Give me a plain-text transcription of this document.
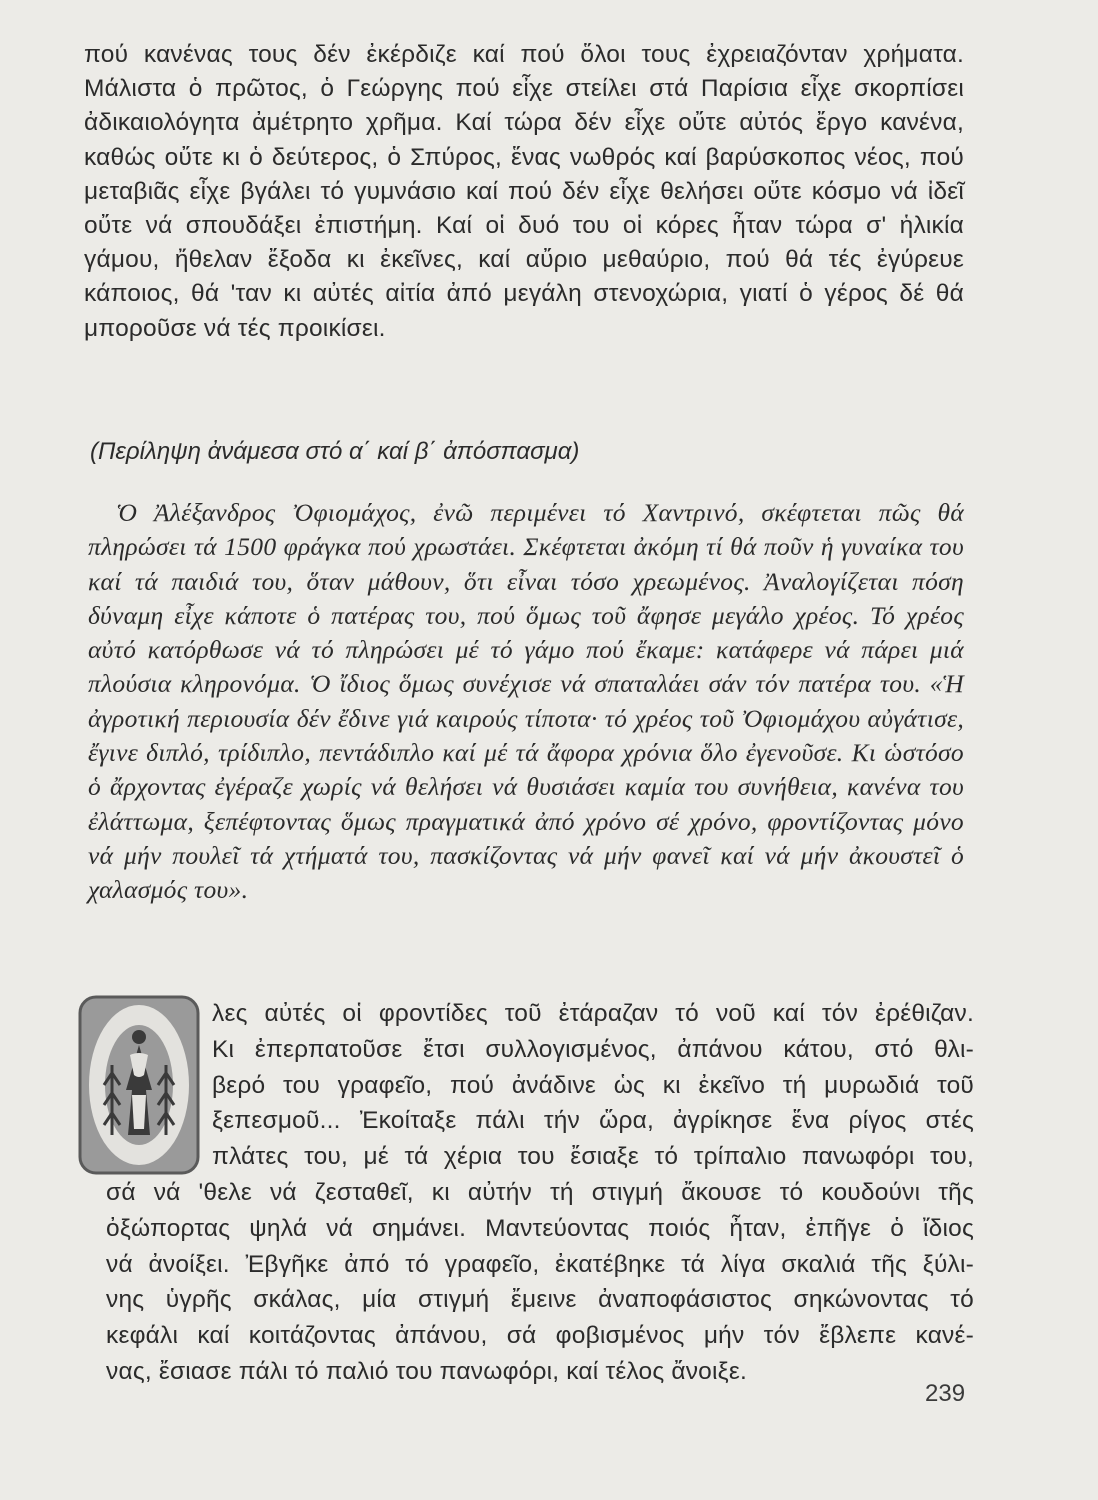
πού κανένας τους δέν ἐκέρδιζε καί πού ὅλοι τους ἐχρειαζόνταν χρήματα. Μάλιστα ὁ πρῶτος, ὁ Γεώργης πού εἶχε στείλει στά Παρίσια εἶχε σκορπίσει ἀδικαιολόγητα ἀμέτρητο χρῆμα. Καί τώρα δέν εἶχε οὔτε αὐτός ἔργο κανένα, καθώς οὔτε κι ὁ δεύτερος, ὁ Σπύρος, ἕνας νωθρός καί βαρύσκοπος νέος, πού μεταβιᾶς εἶχε βγάλει τό γυμνάσιο καί πού δέν εἶχε θελήσει οὔτε κόσμο νά ἰδεῖ οὔτε νά σπουδάξει ἐπιστήμη. Καί οἱ δυό του οἱ κόρες ἦταν τώρα σ' ἡλικία γάμου, ἤθελαν ἔξοδα κι ἐκεῖνες, καί αὔριο μεθαύριο, πού θά τές ἐγύρευε κάποιος, θά 'ταν κι αὐτές αἰτία ἀπό μεγάλη στενοχώρια, γιατί ὁ γέρος δέ θά μποροῦσε νά τές προικίσει.

(Περίληψη ἀνάμεσα στό α΄ καί β΄ ἀπόσπασμα)

Ὁ Ἀλέξανδρος Ὀφιομάχος, ἐνῶ περιμένει τό Χαντρινό, σκέφτεται πῶς θά πληρώσει τά 1500 φράγκα πού χρωστάει. Σκέφτεται ἀκόμη τί θά ποῦν ἡ γυναίκα του καί τά παιδιά του, ὅταν μάθουν, ὅτι εἶναι τόσο χρεωμένος. Ἀναλογίζεται πόση δύναμη εἶχε κάποτε ὁ πατέρας του, πού ὅμως τοῦ ἄφησε μεγάλο χρέος. Τό χρέος αὐτό κατόρθωσε νά τό πληρώσει μέ τό γάμο πού ἔκαμε: κατάφερε νά πάρει μιά πλούσια κληρονόμα. Ὁ ἴδιος ὅμως συνέχισε νά σπαταλάει σάν τόν πατέρα του. «Ἡ ἀγροτική περιουσία δέν ἔδινε γιά καιρούς τίποτα· τό χρέος τοῦ Ὀφιομάχου αὐγάτισε, ἔγινε διπλό, τρίδιπλο, πεντάδιπλο καί μέ τά ἄφορα χρόνια ὅλο ἐγενοῦσε. Κι ὡστόσο ὁ ἄρχοντας ἐγέραζε χωρίς νά θελήσει νά θυσιάσει καμία του συνήθεια, κανένα του ἐλάττωμα, ξεπέφτοντας ὅμως πραγματικά ἀπό χρόνο σέ χρόνο, φροντίζοντας μόνο νά μήν πουλεῖ τά χτήματά του, πασκίζοντας νά μήν φανεῖ καί νά μήν ἀκουστεῖ ὁ χαλασμός του».

λες αὐτές οἱ φροντίδες τοῦ ἐτάραζαν τό νοῦ καί τόν ἐρέθιζαν.
Κι ἐπερπατοῦσε ἔτσι συλλογισμένος, ἀπάνου κάτου, στό θλι-
βερό του γραφεῖο, πού ἀνάδινε ὡς κι ἐκεῖνο τή μυρωδιά τοῦ
ξεπεσμοῦ... Ἐκοίταξε πάλι τήν ὥρα, ἀγρίκησε ἕνα ρίγος στές
πλάτες του, μέ τά χέρια του ἔσιαξε τό τρίπαλιο πανωφόρι του,
σά νά 'θελε νά ζεσταθεῖ, κι αὐτήν τή στιγμή ἄκουσε τό κουδούνι τῆς
ὀξώπορτας ψηλά νά σημάνει. Μαντεύοντας ποιός ἦταν, ἐπῆγε ὁ ἴδιος
νά ἀνοίξει. Ἐβγῆκε ἀπό τό γραφεῖο, ἐκατέβηκε τά λίγα σκαλιά τῆς ξύλι-
νης ὑγρῆς σκάλας, μία στιγμή ἔμεινε ἀναποφάσιστος σηκώνοντας τό
κεφάλι καί κοιτάζοντας ἀπάνου, σά φοβισμένος μήν τόν ἔβλεπε κανέ-
νας, ἔσιασε πάλι τό παλιό του πανωφόρι, καί τέλος ἄνοιξε.

239
